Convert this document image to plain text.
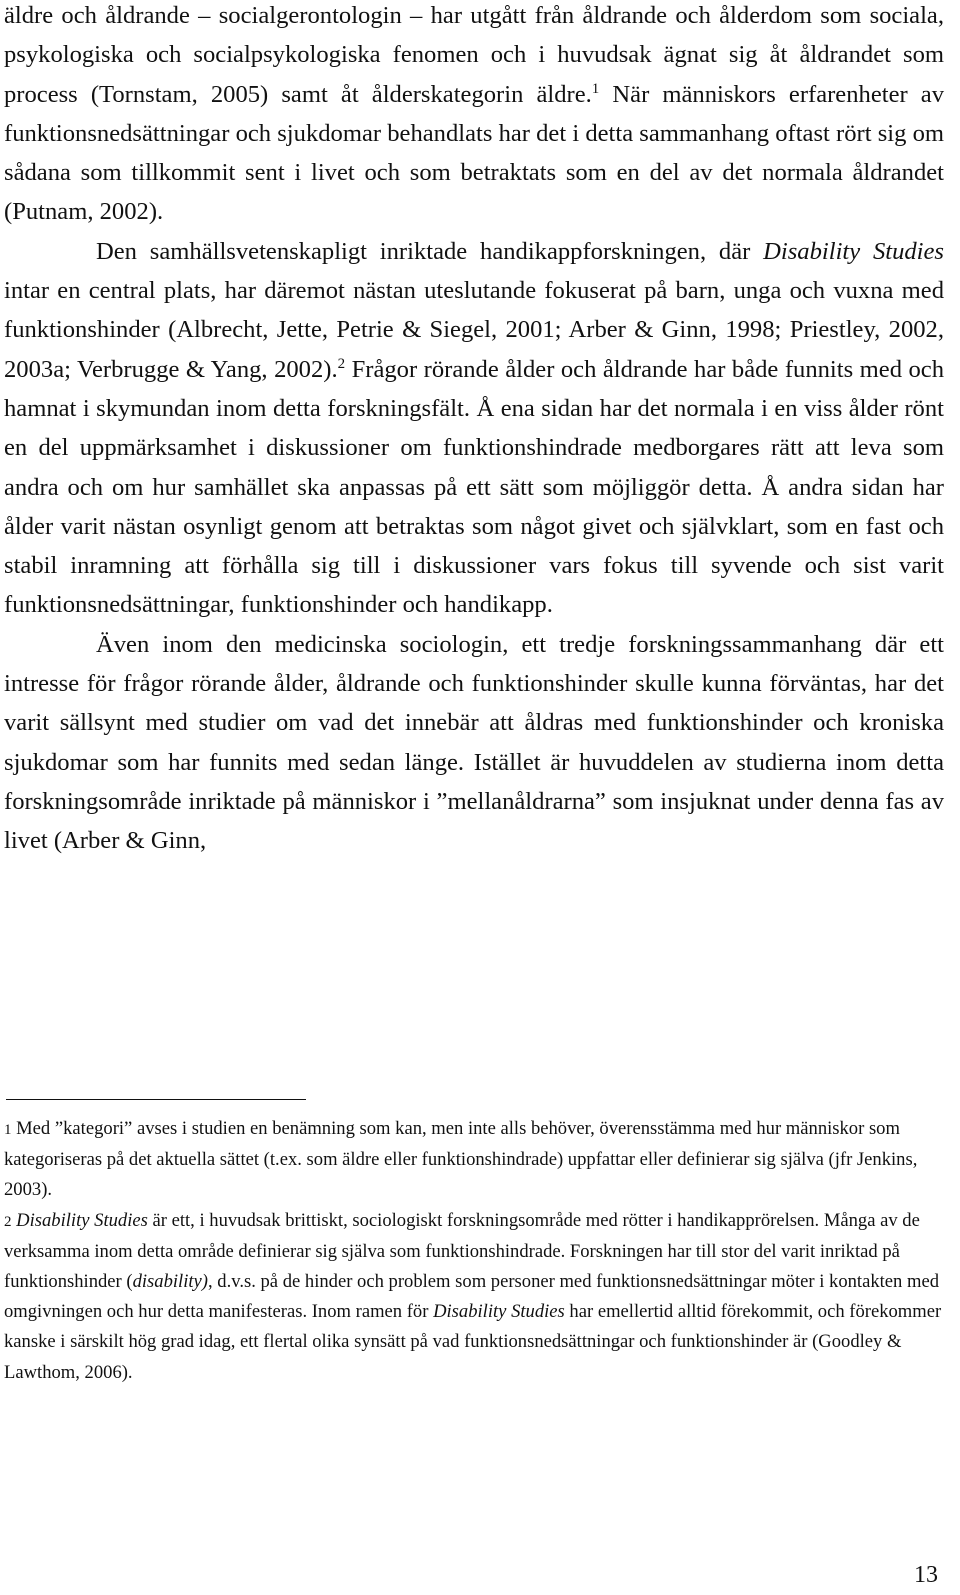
äldre och åldrande – socialgerontologin – har utgått från åldrande och ålderdom som sociala, psykologiska och socialpsykologiska fenomen och i huvudsak ägnat sig åt åldrandet som process (Tornstam, 2005) samt åt ålderskategorin äldre.$^1$ När människors erfarenheter av funktionsnedsättningar och sjukdomar behandlats har det i detta sammanhang oftast rört sig om sådana som tillkommit sent i livet och som betraktats som en del av det normala åldrandet (Putnam, 2002).

Den samhällsvetenskapligt inriktade handikappforskningen, där Disability Studies intar en central plats, har däremot nästan uteslutande fokuserat på barn, unga och vuxna med funktionshinder (Albrecht, Jette, Petrie & Siegel, 2001; Arber & Ginn, 1998; Priestley, 2002, 2003a; Verbrugge & Yang, 2002).$^2$ Frågor rörande ålder och åldrande har både funnits med och hamnat i skymundan inom detta forskningsfält. Å ena sidan har det normala i en viss ålder rönt en del uppmärksamhet i diskussioner om funktionshindrade medborgares rätt att leva som andra och om hur samhället ska anpassas på ett sätt som möjliggör detta. Å andra sidan har ålder varit nästan osynligt genom att betraktas som något givet och självklart, som en fast och stabil inramning att förhålla sig till i diskussioner vars fokus till syvende och sist varit funktionsnedsättningar, funktionshinder och handikapp.

Även inom den medicinska sociologin, ett tredje forskningssammanhang där ett intresse för frågor rörande ålder, åldrande och funktionshinder skulle kunna förväntas, har det varit sällsynt med studier om vad det innebär att åldras med funktionshinder och kroniska sjukdomar som har funnits med sedan länge. Istället är huvuddelen av studierna inom detta forskningsområde inriktade på människor i ”mellanåldrarna” som insjuknat under denna fas av livet (Arber & Ginn,

1 Med ”kategori” avses i studien en benämning som kan, men inte alls behöver, överensstämma med hur människor som kategoriseras på det aktuella sättet (t.ex. som äldre eller funktionshindrade) uppfattar eller definierar sig själva (jfr Jenkins, 2003).

2 Disability Studies är ett, i huvudsak brittiskt, sociologiskt forskningsområde med rötter i handikapprörelsen. Många av de verksamma inom detta område definierar sig själva som funktionshindrade. Forskningen har till stor del varit inriktad på funktionshinder (disability), d.v.s. på de hinder och problem som personer med funktionsnedsättningar möter i kontakten med omgivningen och hur detta manifesteras. Inom ramen för Disability Studies har emellertid alltid förekommit, och förekommer kanske i särskilt hög grad idag, ett flertal olika synsätt på vad funktionsnedsättningar och funktionshinder är (Goodley & Lawthom, 2006).

13
